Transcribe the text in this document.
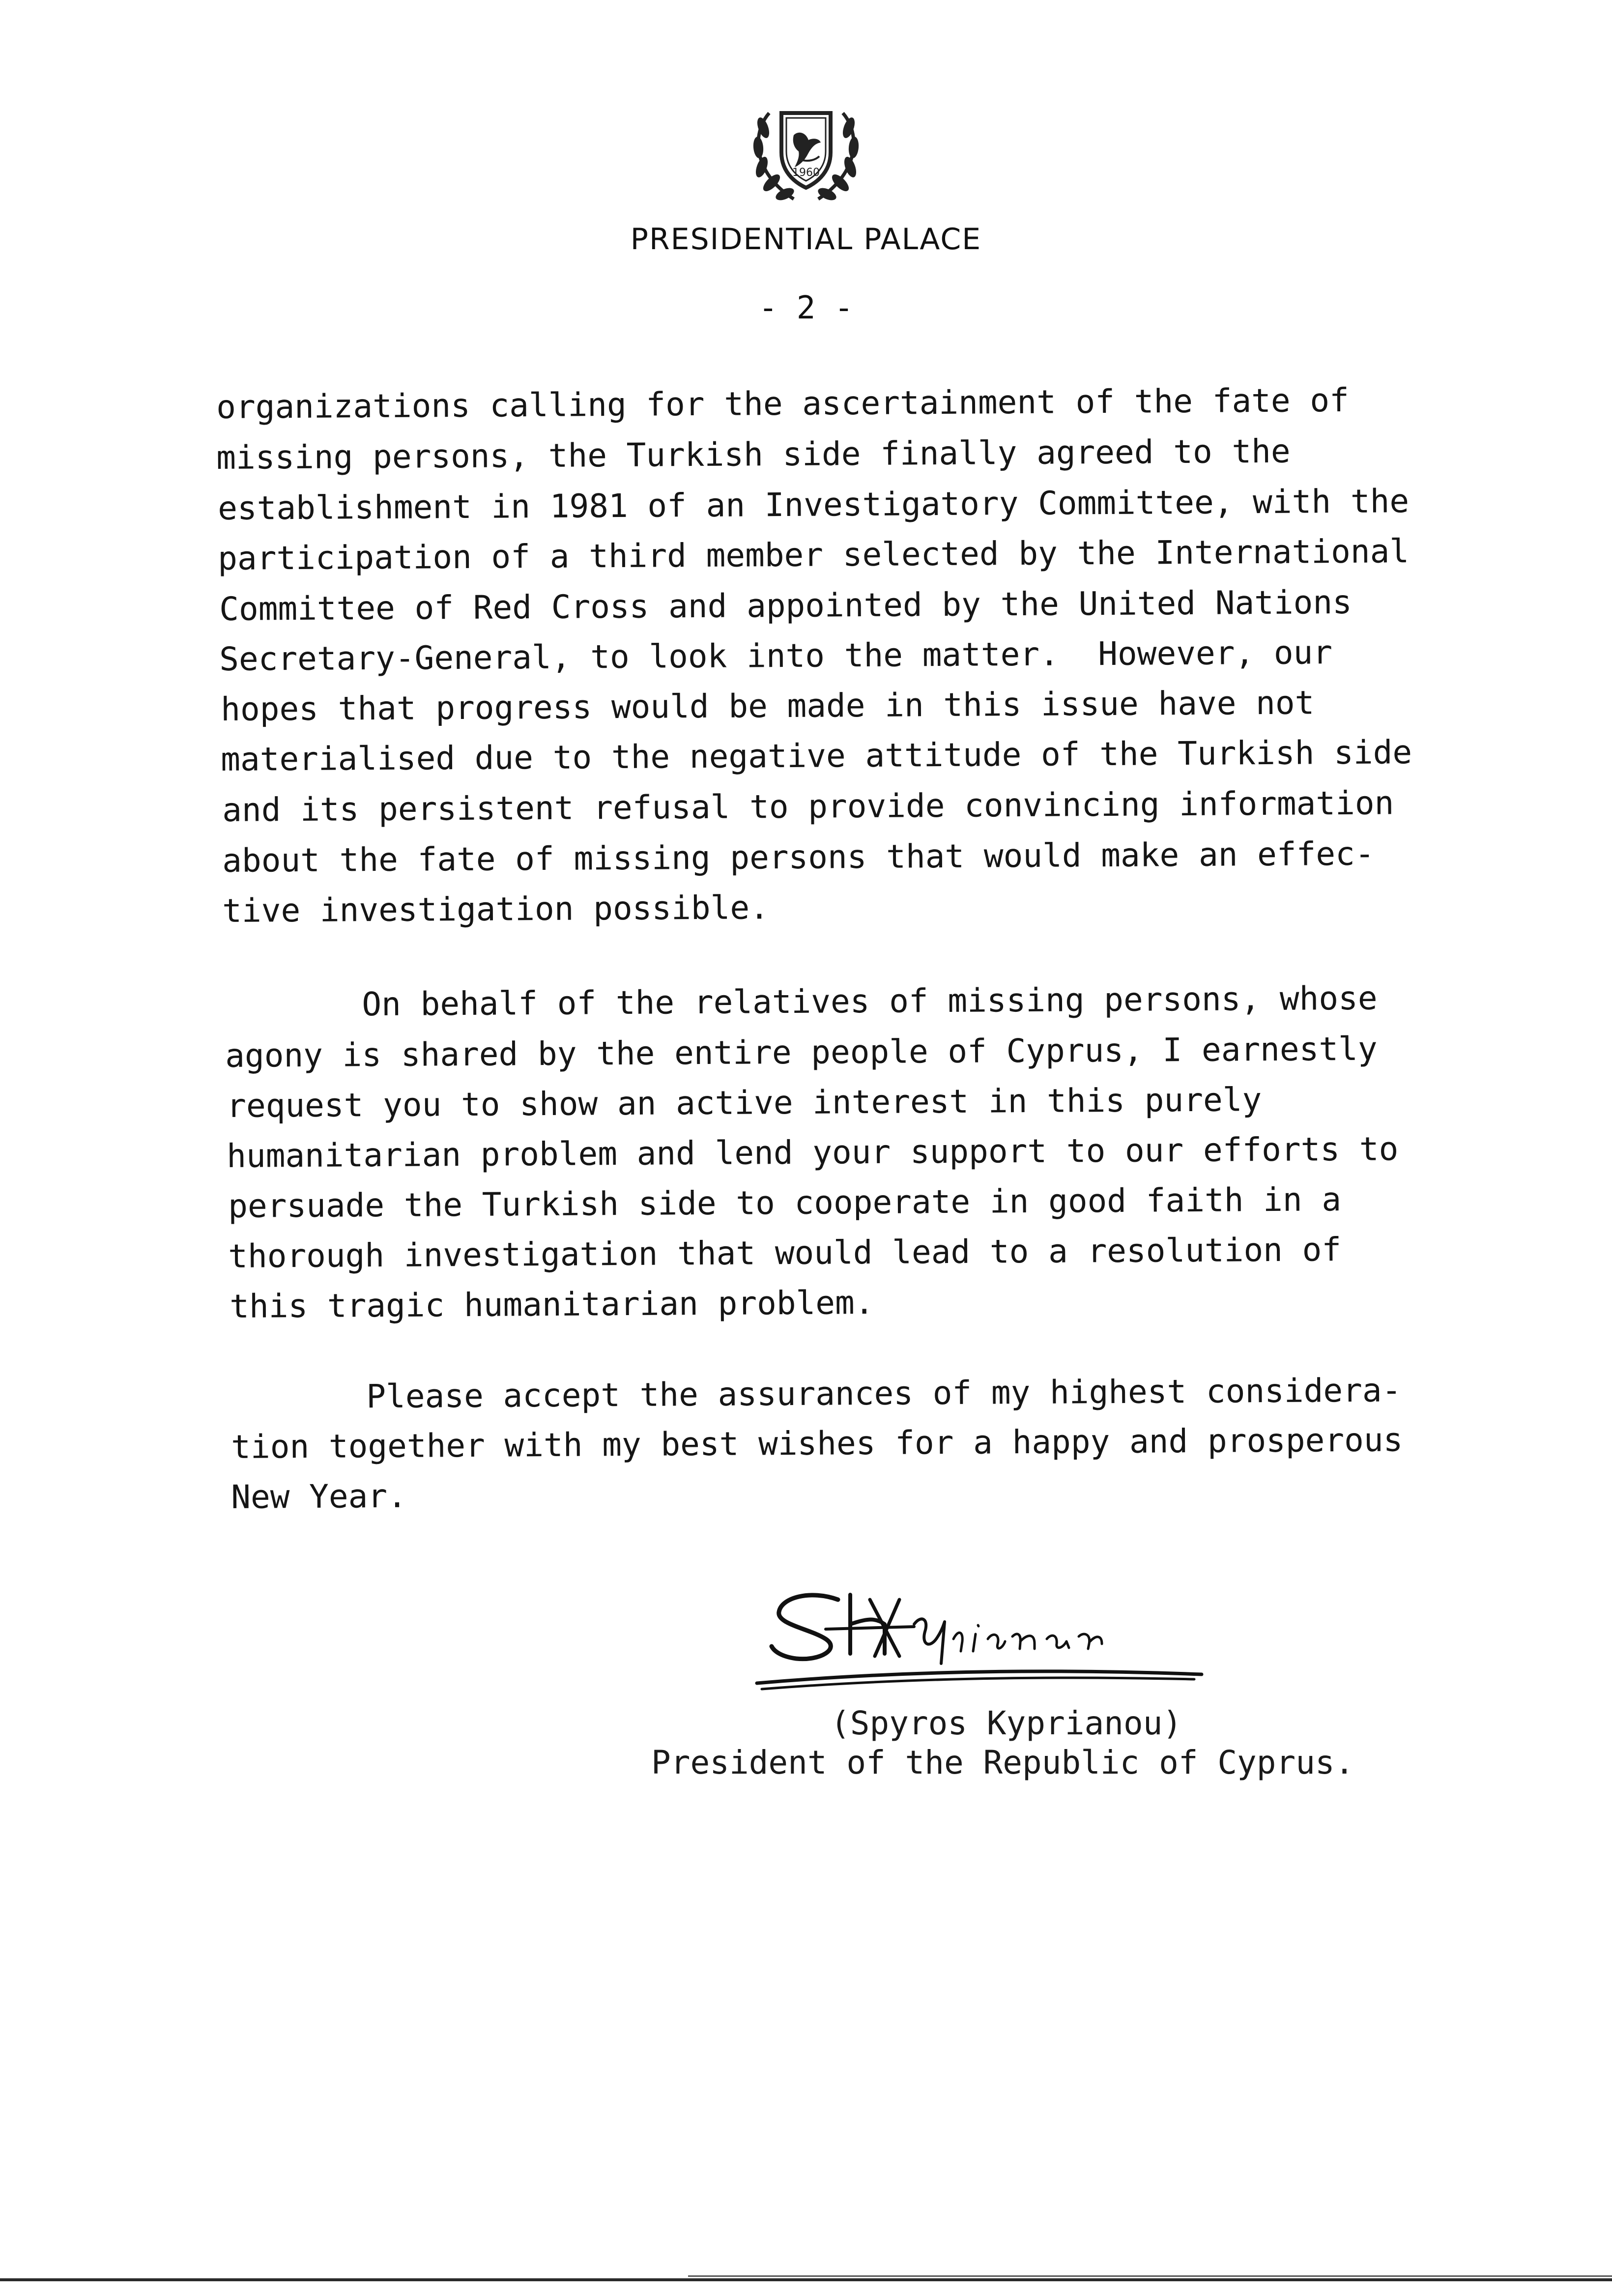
1960
PRESIDENTIAL PALACE
- 2 -
organizations calling for the ascertainment of the fate of
missing persons, the Turkish side finally agreed to the
establishment in 1981 of an Investigatory Committee, with the
participation of a third member selected by the International
Committee of Red Cross and appointed by the United Nations
Secretary-General, to look into the matter.  However, our
hopes that progress would be made in this issue have not
materialised due to the negative attitude of the Turkish side
and its persistent refusal to provide convincing information
about the fate of missing persons that would make an effec-
tive investigation possible.
On behalf of the relatives of missing persons, whose
agony is shared by the entire people of Cyprus, I earnestly
request you to show an active interest in this purely
humanitarian problem and lend your support to our efforts to
persuade the Turkish side to cooperate in good faith in a
thorough investigation that would lead to a resolution of
this tragic humanitarian problem.
Please accept the assurances of my highest considera-
tion together with my best wishes for a happy and prosperous
New Year.
(Spyros Kyprianou)
President of the Republic of Cyprus.
